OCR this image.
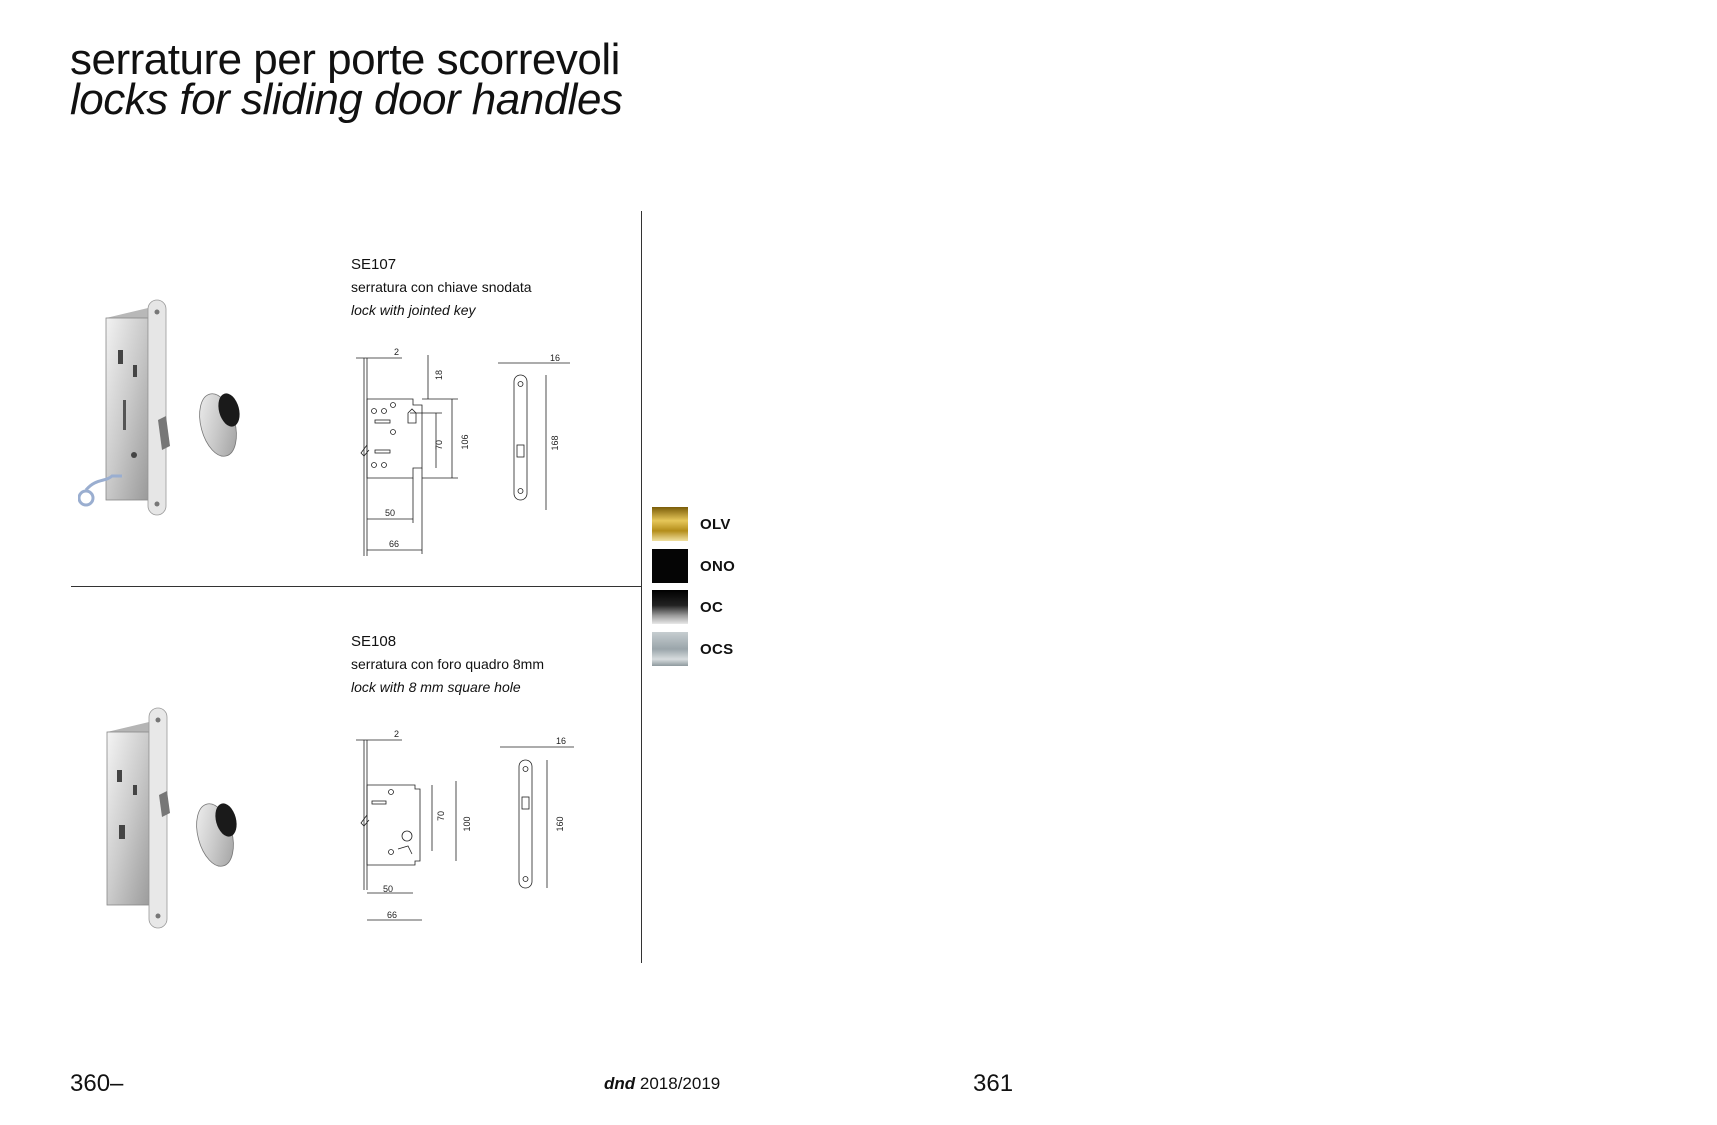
serrature per porte scorrevoli
locks for sliding door handles
SE107
serratura con chiave snodata
lock with jointed key
2
18
70 106
50
66
16
168
SE108
serratura con foro quadro 8mm
lock with 8 mm square hole
2
70
100
50
66
16
160
OLV
ONO
OC
OCS
360–	dnd 2018/2019	361
